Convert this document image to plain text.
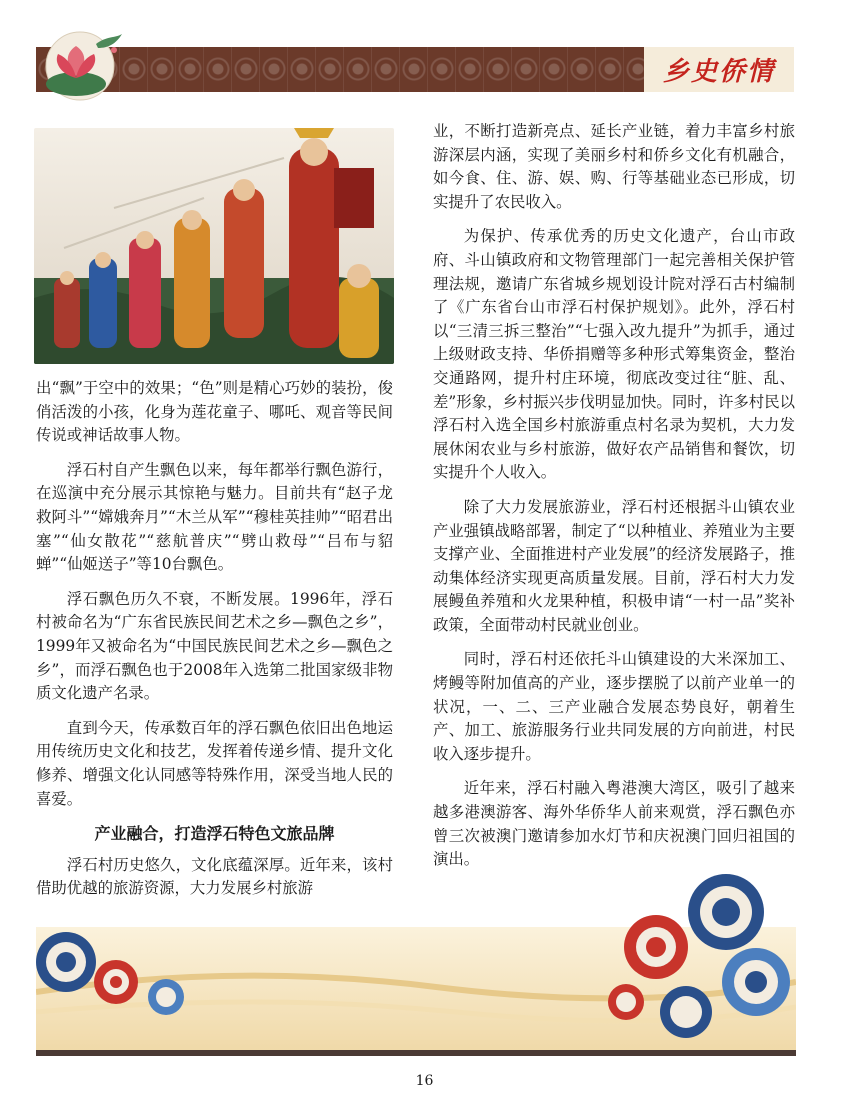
乡史侨情

出“飘”于空中的效果；“色”则是精心巧妙的装扮，俊俏活泼的小孩，化身为莲花童子、哪吒、观音等民间传说或神话故事人物。

浮石村自产生飘色以来，每年都举行飘色游行，在巡演中充分展示其惊艳与魅力。目前共有“赵子龙救阿斗”“嫦娥奔月”“木兰从军”“穆桂英挂帅”“昭君出塞”“仙女散花”“慈航普庆”“劈山救母”“吕布与貂蝉”“仙姬送子”等10台飘色。

浮石飘色历久不衰，不断发展。1996年，浮石村被命名为“广东省民族民间艺术之乡—飘色之乡”，1999年又被命名为“中国民族民间艺术之乡—飘色之乡”，而浮石飘色也于2008年入选第二批国家级非物质文化遗产名录。

直到今天，传承数百年的浮石飘色依旧出色地运用传统历史文化和技艺，发挥着传递乡情、提升文化修养、增强文化认同感等特殊作用，深受当地人民的喜爱。

产业融合，打造浮石特色文旅品牌

浮石村历史悠久，文化底蕴深厚。近年来，该村借助优越的旅游资源，大力发展乡村旅游

业，不断打造新亮点、延长产业链，着力丰富乡村旅游深层内涵，实现了美丽乡村和侨乡文化有机融合，如今食、住、游、娱、购、行等基础业态已形成，切实提升了农民收入。

为保护、传承优秀的历史文化遗产，台山市政府、斗山镇政府和文物管理部门一起完善相关保护管理法规，邀请广东省城乡规划设计院对浮石古村编制了《广东省台山市浮石村保护规划》。此外，浮石村以“三清三拆三整治”“七强入改九提升”为抓手，通过上级财政支持、华侨捐赠等多种形式筹集资金，整治交通路网，提升村庄环境，彻底改变过往“脏、乱、差”形象，乡村振兴步伐明显加快。同时，许多村民以浮石村入选全国乡村旅游重点村名录为契机，大力发展休闲农业与乡村旅游，做好农产品销售和餐饮，切实提升个人收入。

除了大力发展旅游业，浮石村还根据斗山镇农业产业强镇战略部署，制定了“以种植业、养殖业为主要支撑产业、全面推进村产业发展”的经济发展路子，推动集体经济实现更高质量发展。目前，浮石村大力发展鳗鱼养殖和火龙果种植，积极申请“一村一品”奖补政策，全面带动村民就业创业。

同时，浮石村还依托斗山镇建设的大米深加工、烤鳗等附加值高的产业，逐步摆脱了以前产业单一的状况，一、二、三产业融合发展态势良好，朝着生产、加工、旅游服务行业共同发展的方向前进，村民收入逐步提升。

近年来，浮石村融入粤港澳大湾区，吸引了越来越多港澳游客、海外华侨华人前来观赏，浮石飘色亦曾三次被澳门邀请参加水灯节和庆祝澳门回归祖国的演出。

16
